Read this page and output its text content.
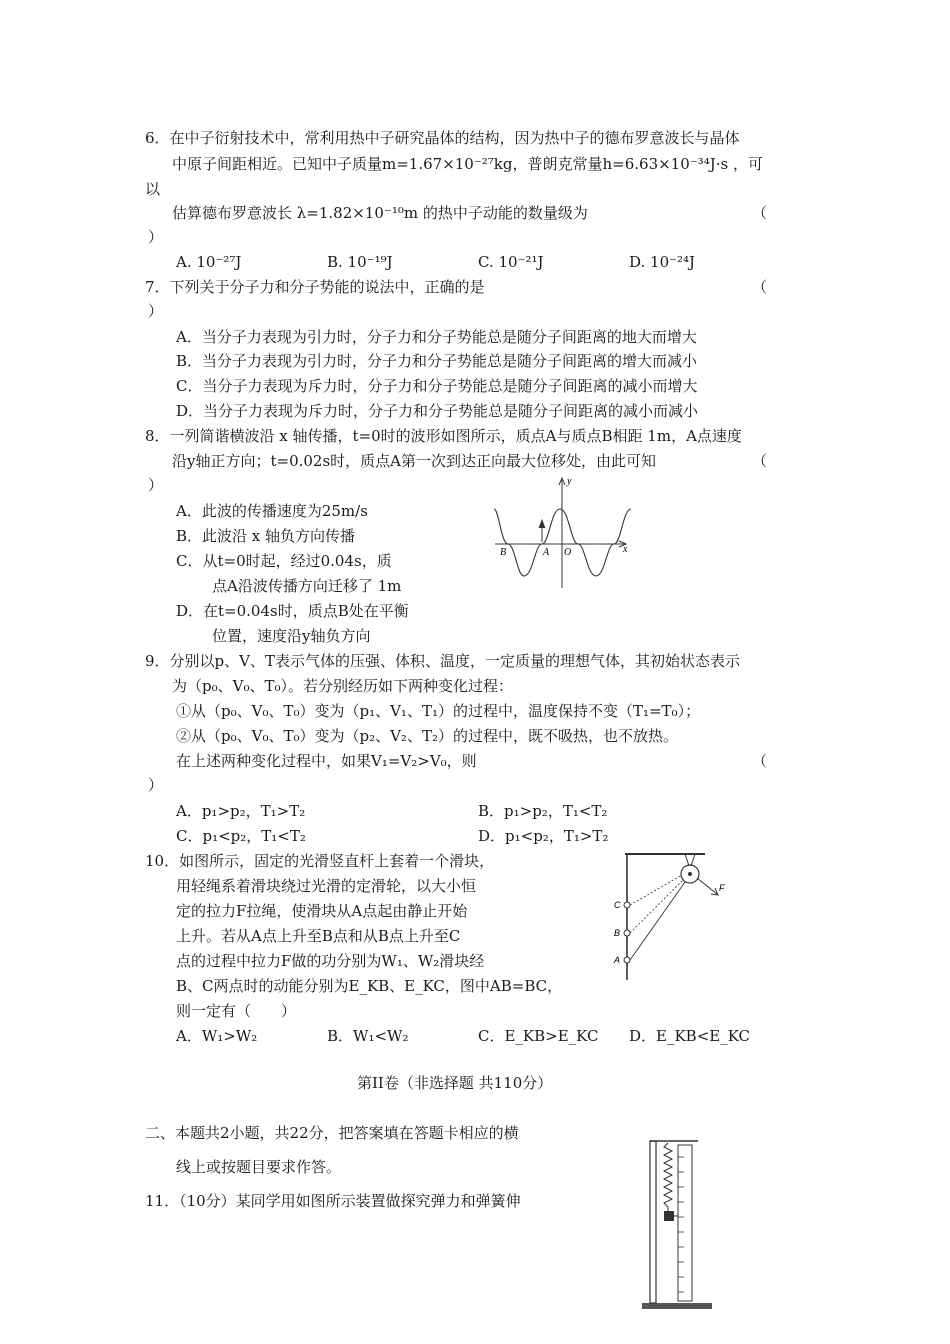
6．在中子衍射技术中，常利用热中子研究晶体的结构，因为热中子的德布罗意波长与晶体
中原子间距相近。已知中子质量m=1.67×10⁻²⁷kg，普朗克常量h=6.63×10⁻³⁴J·s ，可
以
估算德布罗意波长 λ=1.82×10⁻¹⁰m 的热中子动能的数量级为	（
）
A. 10⁻²⁷J	B. 10⁻¹⁹J	C. 10⁻²¹J	D. 10⁻²⁴J
7．下列关于分子力和分子势能的说法中，正确的是	（
）
A．当分子力表现为引力时，分子力和分子势能总是随分子间距离的地大而增大
B．当分子力表现为引力时，分子力和分子势能总是随分子间距离的增大而减小
C．当分子力表现为斥力时，分子力和分子势能总是随分子间距离的减小而增大
D．当分子力表现为斥力时，分子力和分子势能总是随分子间距离的减小而减小
8．一列简谐横波沿 x 轴传播，t=0时的波形如图所示，质点A与质点B相距 1m，A点速度
沿y轴正方向；t=0.02s时，质点A第一次到达正向最大位移处，由此可知	（
）
A．此波的传播速度为25m/s
B．此波沿 x 轴负方向传播
C．从t=0时起，经过0.04s，质
点A沿波传播方向迁移了 1m
D．在t=0.04s时，质点B处在平衡
位置，速度沿y轴负方向
y
x
B	A O
9．分别以p、V、T表示气体的压强、体积、温度，一定质量的理想气体，其初始状态表示
为（p₀、V₀、T₀）。若分别经历如下两种变化过程：
①从（p₀、V₀、T₀）变为（p₁、V₁、T₁）的过程中，温度保持不变（T₁=T₀）；
②从（p₀、V₀、T₀）变为（p₂、V₂、T₂）的过程中，既不吸热，也不放热。
在上述两种变化过程中，如果V₁=V₂>V₀，则	（
）
A．p₁>p₂，T₁>T₂	B．p₁>p₂，T₁<T₂
C．p₁<p₂，T₁<T₂	D．p₁<p₂，T₁>T₂
10．如图所示，固定的光滑竖直杆上套着一个滑块，
用轻绳系着滑块绕过光滑的定滑轮，以大小恒
定的拉力F拉绳，使滑块从A点起由静止开始
上升。若从A点上升至B点和从B点上升至C
点的过程中拉力F做的功分别为W₁、W₂滑块经
B、C两点时的动能分别为E_KB、E_KC，图中AB=BC，
则一定有（　　）
A．W₁>W₂	B．W₁<W₂	C．E_KB>E_KC D．E_KB<E_KC
F
C
B
A
第II卷（非选择题 共110分）
二、本题共2小题，共22分，把答案填在答题卡相应的横
线上或按题目要求作答。
11．（10分）某同学用如图所示装置做探究弹力和弹簧伸
